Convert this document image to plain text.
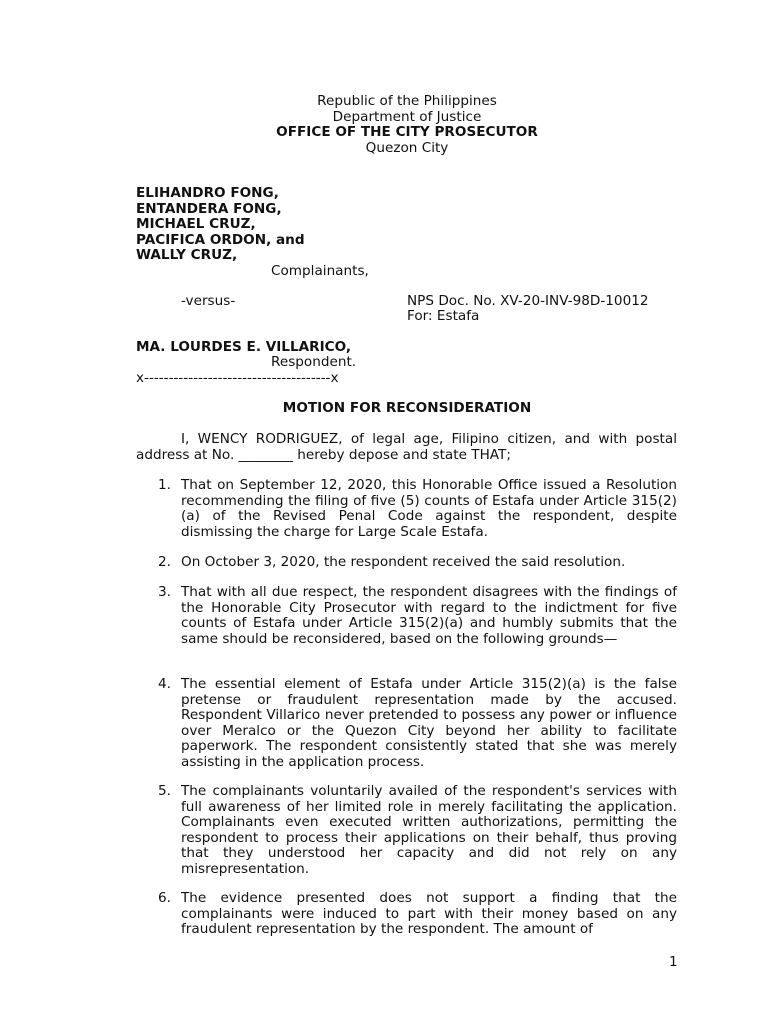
Republic of the Philippines
Department of Justice
OFFICE OF THE CITY PROSECUTOR
Quezon City
ELIHANDRO FONG,
ENTANDERA FONG,
MICHAEL CRUZ,
PACIFICA ORDON, and
WALLY CRUZ,
Complainants,
-versus-	NPS Doc. No. XV-20-INV-98D-10012
For: Estafa
MA. LOURDES E. VILLARICO,
Respondent.
x--------------------------------------x
MOTION FOR RECONSIDERATION
I, WENCY RODRIGUEZ, of legal age, Filipino citizen, and with postal address at No. ________ hereby depose and state THAT;
1. That on September 12, 2020, this Honorable Office issued a Resolution recommending the filing of five (5) counts of Estafa under Article 315(2)(a) of the Revised Penal Code against the respondent, despite dismissing the charge for Large Scale Estafa.
2. On October 3, 2020, the respondent received the said resolution.
3. That with all due respect, the respondent disagrees with the findings of the Honorable City Prosecutor with regard to the indictment for five counts of Estafa under Article 315(2)(a) and humbly submits that the same should be reconsidered, based on the following grounds—
4. The essential element of Estafa under Article 315(2)(a) is the false pretense or fraudulent representation made by the accused. Respondent Villarico never pretended to possess any power or influence over Meralco or the Quezon City beyond her ability to facilitate paperwork. The respondent consistently stated that she was merely assisting in the application process.
5. The complainants voluntarily availed of the respondent's services with full awareness of her limited role in merely facilitating the application. Complainants even executed written authorizations, permitting the respondent to process their applications on their behalf, thus proving that they understood her capacity and did not rely on any misrepresentation.
6. The evidence presented does not support a finding that the complainants were induced to part with their money based on any fraudulent representation by the respondent. The amount of
1
